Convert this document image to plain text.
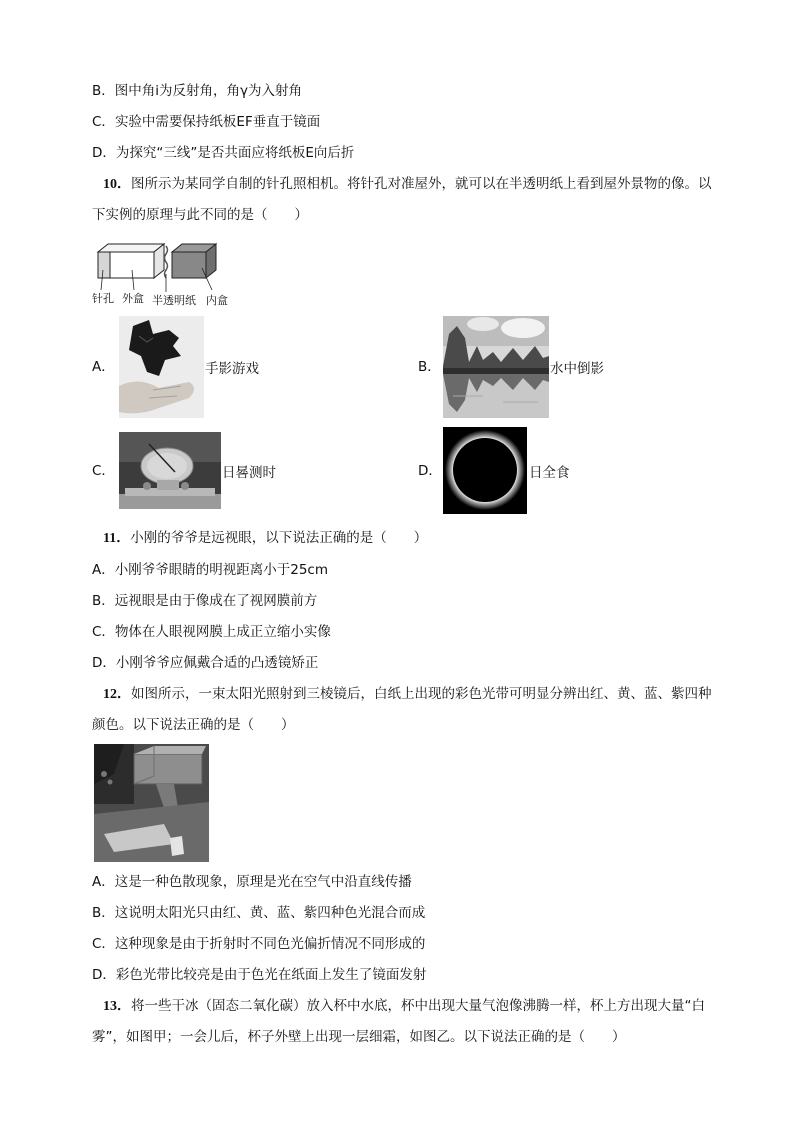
B．图中角i为反射角，角γ为入射角
C．实验中需要保持纸板EF垂直于镜面
D．为探究“三线”是否共面应将纸板E向后折
10．图所示为某同学自制的针孔照相机。将针孔对准屋外，就可以在半透明纸上看到屋外景物的像。以
下实例的原理与此不同的是（　　）
针孔 外盒 半透明纸 内盒
A．	手影游戏	B．	水中倒影
C．	日晷测时	D．	日全食
11．小刚的爷爷是远视眼，以下说法正确的是（　　）
A．小刚爷爷眼睛的明视距离小于25cm
B．远视眼是由于像成在了视网膜前方
C．物体在人眼视网膜上成正立缩小实像
D．小刚爷爷应佩戴合适的凸透镜矫正
12．如图所示，一束太阳光照射到三棱镜后，白纸上出现的彩色光带可明显分辨出红、黄、蓝、紫四种
颜色。以下说法正确的是（　　）
A．这是一种色散现象，原理是光在空气中沿直线传播
B．这说明太阳光只由红、黄、蓝、紫四种色光混合而成
C．这种现象是由于折射时不同色光偏折情况不同形成的
D．彩色光带比较亮是由于色光在纸面上发生了镜面发射
13．将一些干冰（固态二氧化碳）放入杯中水底，杯中出现大量气泡像沸腾一样，杯上方出现大量“白
雾”，如图甲；一会儿后，杯子外壁上出现一层细霜，如图乙。以下说法正确的是（　　）
